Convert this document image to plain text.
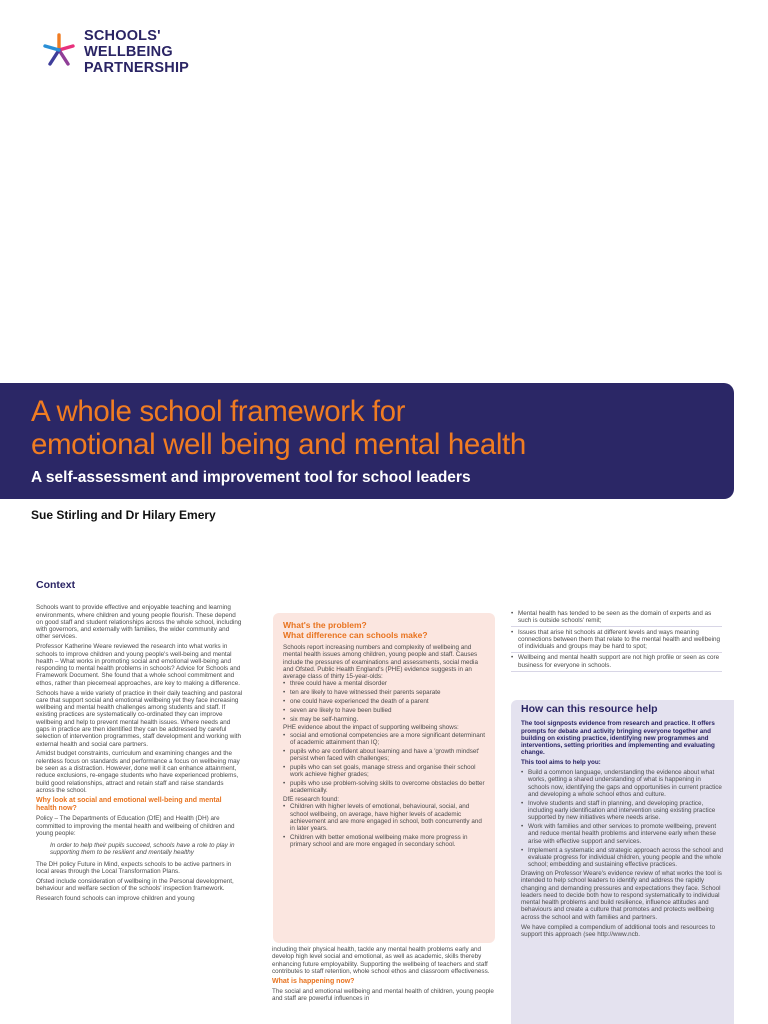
SCHOOLS'
WELLBEING
PARTNERSHIP
A whole school framework for
emotional well being and mental health
A self-assessment and improvement tool for school leaders
Sue Stirling and Dr Hilary Emery
Context

Schools want to provide effective and enjoyable teaching and learning environments, where children and young people flourish. These depend on good staff and student relationships across the whole school, including with governors, and externally with families, the wider community and other services.

Professor Katherine Weare reviewed the research into what works in schools to improve children and young people's well-being and mental health – What works in promoting social and emotional well-being and responding to mental health problems in schools? Advice for Schools and Framework Document. She found that a whole school commitment and ethos, rather than piecemeal approaches, are key to making a difference.

Schools have a wide variety of practice in their daily teaching and pastoral care that support social and emotional wellbeing yet they face increasing wellbeing and mental health challenges among students and staff. If existing practices are systematically co-ordinated they can improve wellbeing and help to prevent mental health issues. Where needs and gaps in practice are then identified they can be addressed by careful selection of intervention programmes, staff development and working with external health and social care partners.

Amidst budget constraints, curriculum and examining changes and the relentless focus on standards and performance a focus on wellbeing may be seen as a distraction. However, done well it can enhance attainment, reduce exclusions, re-engage students who have experienced problems, build good relationships, attract and retain staff and raise standards across the school.

Why look at social and emotional well-being and mental health now?

Policy – The Departments of Education (DfE) and Health (DH) are committed to improving the mental health and wellbeing of children and young people:

In order to help their pupils succeed, schools have a role to play in supporting them to be resilient and mentally healthy

The DH policy Future in Mind, expects schools to be active partners in local areas through the Local Transformation Plans.

Ofsted include consideration of wellbeing in the Personal development, behaviour and welfare section of the schools' inspection framework.

Research found schools can improve children and young

What's the problem?
What difference can schools make?

Schools report increasing numbers and complexity of wellbeing and mental health issues among children, young people and staff. Causes include the pressures of examinations and assessments, social media and Ofsted. Public Health England's (PHE) evidence suggests in an average class of thirty 15-year-olds:

• three could have a mental disorder
• ten are likely to have witnessed their parents separate
• one could have experienced the death of a parent
• seven are likely to have been bullied
• six may be self-harming.

PHE evidence about the impact of supporting wellbeing shows:

• social and emotional competencies are a more significant determinant of academic attainment than IQ;
• pupils who are confident about learning and have a 'growth mindset' persist when faced with challenges;
• pupils who can set goals, manage stress and organise their school work achieve higher grades;
• pupils who use problem-solving skills to overcome obstacles do better academically.

DfE research found:

• Children with higher levels of emotional, behavioural, social, and school wellbeing, on average, have higher levels of academic achievement and are more engaged in school, both concurrently and in later years.
• Children with better emotional wellbeing make more progress in primary school and are more engaged in secondary school.

including their physical health, tackle any mental health problems early and develop high level social and emotional, as well as academic, skills thereby enhancing future employability. Supporting the wellbeing of teachers and staff contributes to staff retention, whole school ethos and classroom effectiveness.

What is happening now?

The social and emotional wellbeing and mental health of children, young people and staff are powerful influences in

• Mental health has tended to be seen as the domain of experts and as such is outside schools' remit;
• Issues that arise hit schools at different levels and ways meaning connections between them that relate to the mental health and wellbeing of individuals and groups may be hard to spot;
• Wellbeing and mental health support are not high profile or seen as core business for everyone in schools.
How can this resource help

The tool signposts evidence from research and practice. It offers prompts for debate and activity bringing everyone together and building on existing practice, identifying new programmes and interventions, setting priorities and implementing and evaluating change.

This tool aims to help you:

• Build a common language, understanding the evidence about what works, getting a shared understanding of what is happening in schools now, identifying the gaps and opportunities in current practice and developing a whole school ethos and culture.
• Involve students and staff in planning, and developing practice, including early identification and intervention using existing practice supported by new initiatives where needs arise.
• Work with families and other services to promote wellbeing, prevent and reduce mental health problems and intervene early when these arise with effective support and services.
• Implement a systematic and strategic approach across the school and evaluate progress for individual children, young people and the whole school; embedding and sustaining effective practices.

Drawing on Professor Weare's evidence review of what works the tool is intended to help school leaders to identify and address the rapidly changing and demanding pressures and expectations they face. School leaders need to decide both how to respond systematically to individual mental health problems and build resilience, influence attitudes and behaviours and create a culture that promotes and protects wellbeing across the school and with families and partners.

We have compiled a compendium of additional tools and resources to support this approach (see http://www.ncb.
